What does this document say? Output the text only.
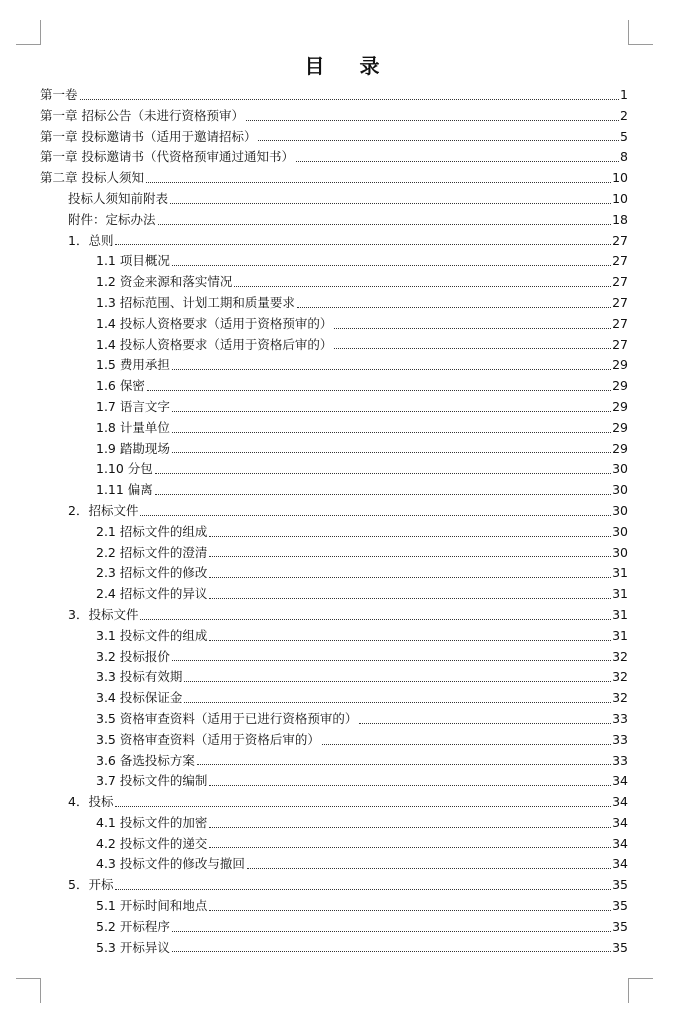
目 录
第一卷	1
第一章 招标公告（未进行资格预审）	2
第一章 投标邀请书（适用于邀请招标）	5
第一章 投标邀请书（代资格预审通过通知书）	8
第二章 投标人须知	10
投标人须知前附表	10
附件：定标办法	18
1．总则	27
1.1 项目概况	27
1.2 资金来源和落实情况	27
1.3 招标范围、计划工期和质量要求	27
1.4 投标人资格要求（适用于资格预审的）	27
1.4 投标人资格要求（适用于资格后审的）	27
1.5 费用承担	29
1.6 保密	29
1.7 语言文字	29
1.8 计量单位	29
1.9 踏勘现场	29
1.10 分包	30
1.11 偏离	30
2．招标文件	30
2.1 招标文件的组成	30
2.2 招标文件的澄清	30
2.3 招标文件的修改	31
2.4 招标文件的异议	31
3．投标文件	31
3.1 投标文件的组成	31
3.2 投标报价	32
3.3 投标有效期	32
3.4 投标保证金	32
3.5 资格审查资料（适用于已进行资格预审的）	33
3.5 资格审查资料（适用于资格后审的）	33
3.6 备选投标方案	33
3.7 投标文件的编制	34
4．投标	34
4.1 投标文件的加密	34
4.2 投标文件的递交	34
4.3 投标文件的修改与撤回	34
5．开标	35
5.1 开标时间和地点	35
5.2 开标程序	35
5.3 开标异议	35
